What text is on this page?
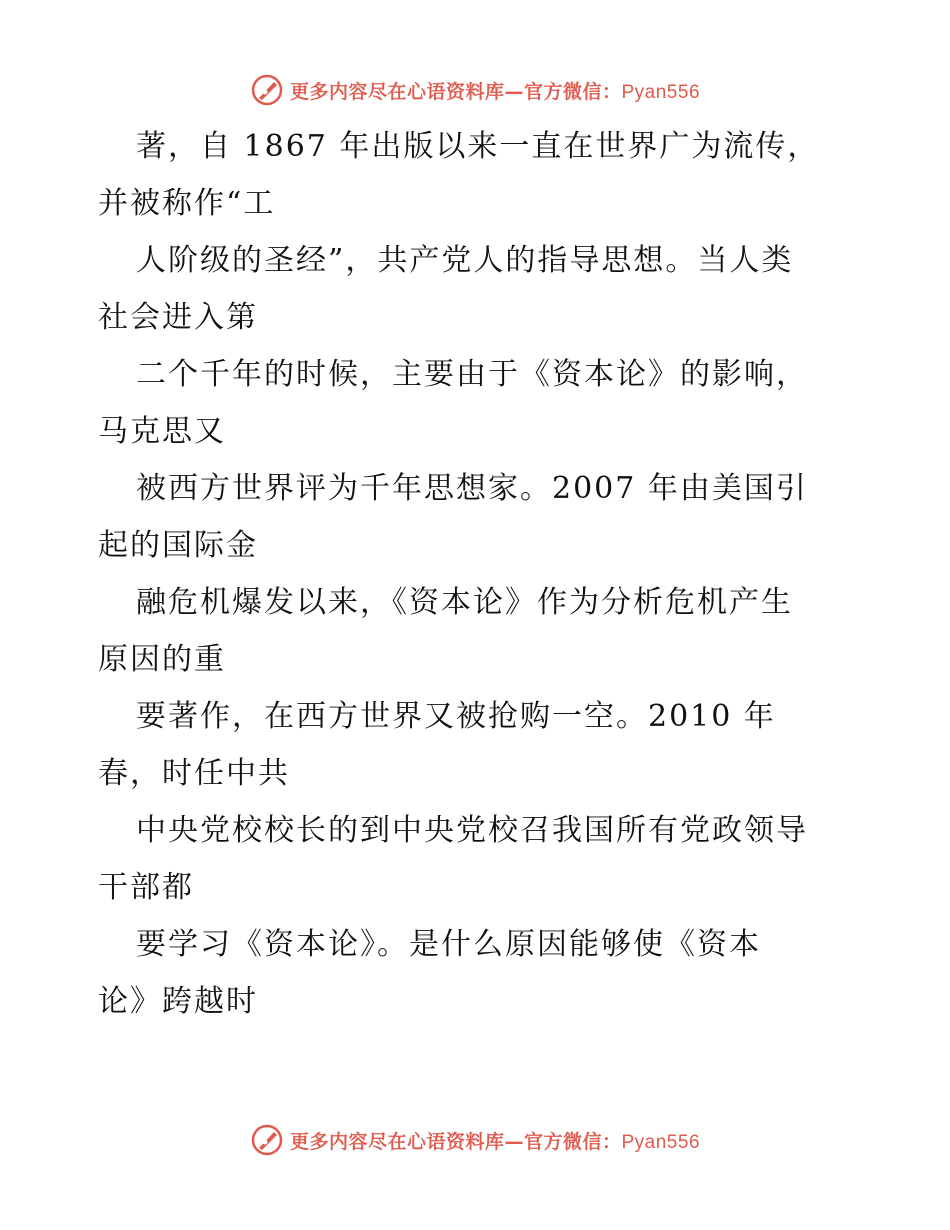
更多内容尽在心语资料库—官方微信：Pyan556
著，自 1867 年出版以来一直在世界广为流传，
并被称作“工
人阶级的圣经”，共产党人的指导思想。当人类
社会进入第
二个千年的时候，主要由于《资本论》的影响，
马克思又
被西方世界评为千年思想家。2007 年由美国引
起的国际金
融危机爆发以来，《资本论》作为分析危机产生
原因的重
要著作，在西方世界又被抢购一空。2010 年
春，时任中共
中央党校校长的到中央党校召我国所有党政领导
干部都
要学习《资本论》。是什么原因能够使《资本
论》跨越时
更多内容尽在心语资料库—官方微信：Pyan556
